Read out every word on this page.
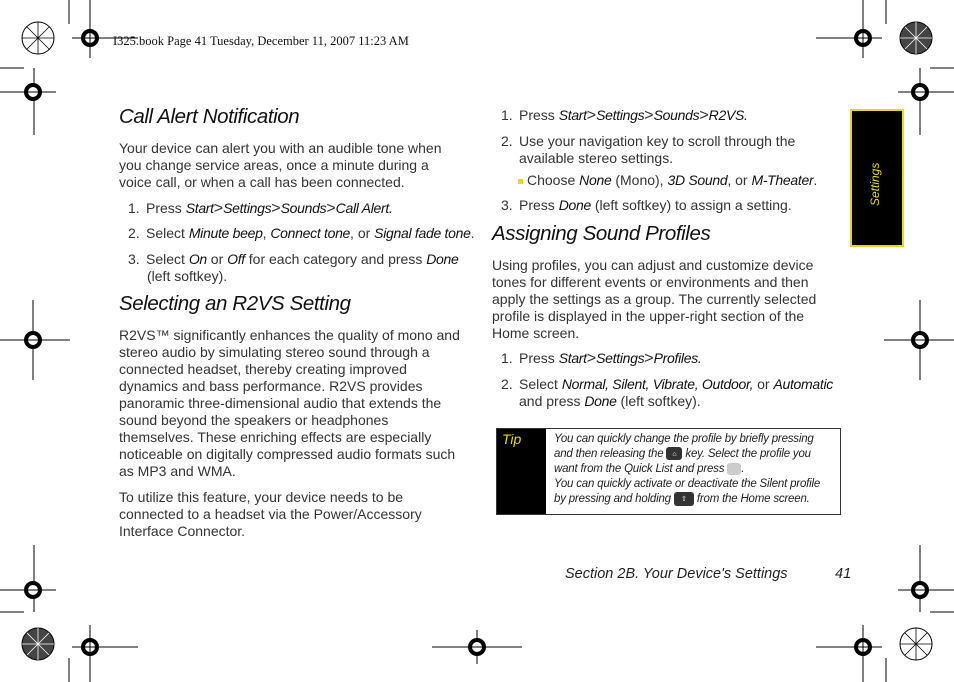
I325.book Page 41 Tuesday, December 11, 2007 11:23 AM
Settings
Call Alert Notification
Your device can alert you with an audible tone when
you change service areas, once a minute during a
voice call, or when a call has been connected.
1. Press Start>Settings>Sounds>Call Alert.
2. Select Minute beep, Connect tone, or Signal fade tone.
3. Select On or Off for each category and press Done
(left softkey).
Selecting an R2VS Setting
R2VS™ significantly enhances the quality of mono and
stereo audio by simulating stereo sound through a
connected headset, thereby creating improved
dynamics and bass performance. R2VS provides
panoramic three-dimensional audio that extends the
sound beyond the speakers or headphones
themselves. These enriching effects are especially
noticeable on digitally compressed audio formats such
as MP3 and WMA.
To utilize this feature, your device needs to be
connected to a headset via the Power/Accessory
Interface Connector.
1. Press Start>Settings>Sounds>R2VS.
2. Use your navigation key to scroll through the
available stereo settings.
Choose None (Mono), 3D Sound, or M-Theater.
3. Press Done (left softkey) to assign a setting.
Assigning Sound Profiles
Using profiles, you can adjust and customize device
tones for different events or environments and then
apply the settings as a group. The currently selected
profile is displayed in the upper-right section of the
Home screen.
1. Press Start>Settings>Profiles.
2. Select Normal, Silent, Vibrate, Outdoor, or Automatic
and press Done (left softkey).
Tip	You can quickly change the profile by briefly pressing
and then releasing the ⌂ key. Select the profile you
want from the Quick List and press .
You can quickly activate or deactivate the Silent profile
by pressing and holding ⇧ from the Home screen.
Section 2B. Your Device's Settings	41
